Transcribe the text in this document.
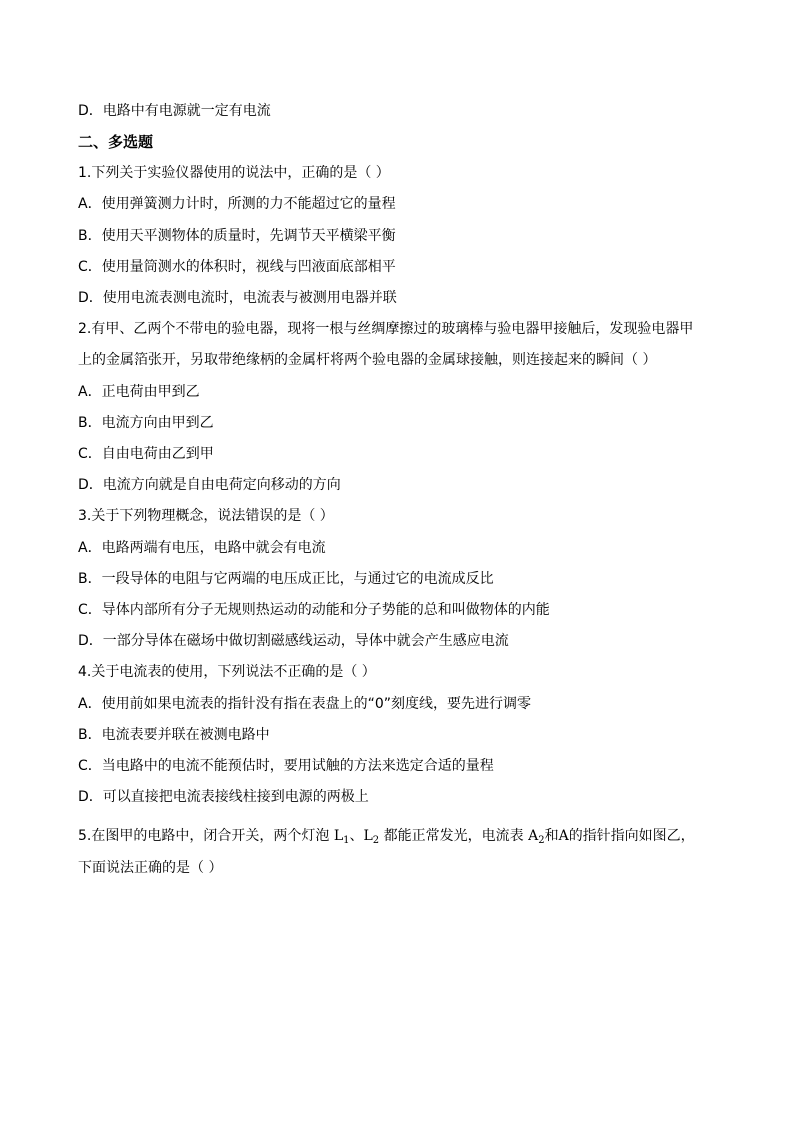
D．电路中有电源就一定有电流
二、多选题
1.下列关于实验仪器使用的说法中，正确的是（ ）
A．使用弹簧测力计时，所测的力不能超过它的量程
B．使用天平测物体的质量时，先调节天平横梁平衡
C．使用量筒测水的体积时，视线与凹液面底部相平
D．使用电流表测电流时，电流表与被测用电器并联
2.有甲、乙两个不带电的验电器，现将一根与丝绸摩擦过的玻璃棒与验电器甲接触后，发现验电器甲
上的金属箔张开，另取带绝缘柄的金属杆将两个验电器的金属球接触，则连接起来的瞬间（ ）
A．正电荷由甲到乙
B．电流方向由甲到乙
C．自由电荷由乙到甲
D．电流方向就是自由电荷定向移动的方向
3.关于下列物理概念，说法错误的是（ ）
A．电路两端有电压，电路中就会有电流
B．一段导体的电阻与它两端的电压成正比，与通过它的电流成反比
C．导体内部所有分子无规则热运动的动能和分子势能的总和叫做物体的内能
D．一部分导体在磁场中做切割磁感线运动，导体中就会产生感应电流
4.关于电流表的使用，下列说法不正确的是（ ）
A．使用前如果电流表的指针没有指在表盘上的“0”刻度线，要先进行调零
B．电流表要并联在被测电路中
C．当电路中的电流不能预估时，要用试触的方法来选定合适的量程
D．可以直接把电流表接线柱接到电源的两极上
5.在图甲的电路中，闭合开关，两个灯泡 $L_1$、$L_2$ 都能正常发光，电流表 $A_2$和A的指针指向如图乙，
下面说法正确的是（ ）
